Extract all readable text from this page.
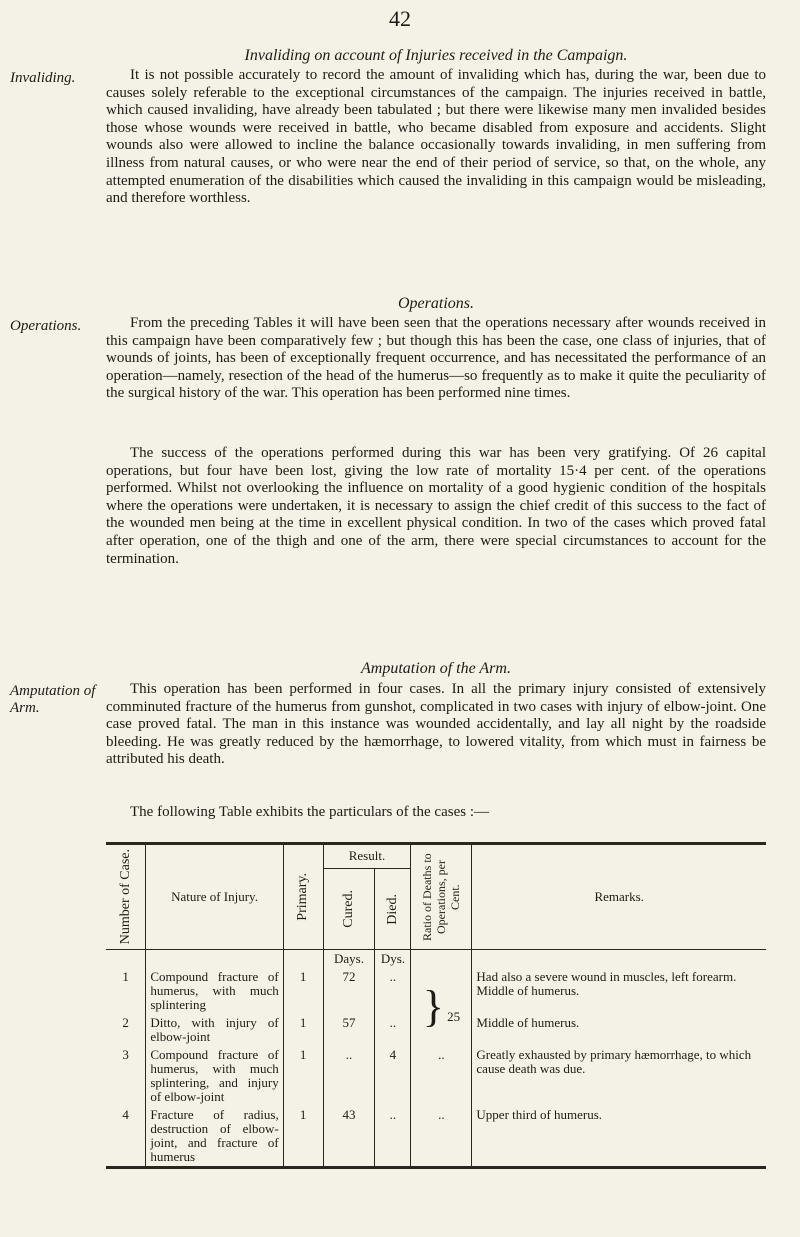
42
Invaliding on account of Injuries received in the Campaign.
Invaliding.	It is not possible accurately to record the amount of invaliding which has, during the war, been due to causes solely referable to the exceptional circumstances of the campaign. The injuries received in battle, which caused invaliding, have already been tabulated ; but there were likewise many men invalided besides those whose wounds were received in battle, who became disabled from exposure and accidents. Slight wounds also were allowed to incline the balance occasionally towards invaliding, in men suffering from illness from natural causes, or who were near the end of their period of service, so that, on the whole, any attempted enumeration of the disabilities which caused the invaliding in this campaign would be misleading, and therefore worthless.

Operations.
Operations.	From the preceding Tables it will have been seen that the operations necessary after wounds received in this campaign have been comparatively few ; but though this has been the case, one class of injuries, that of wounds of joints, has been of exceptionally frequent occurrence, and has necessitated the performance of an operation—namely, resection of the head of the humerus—so frequently as to make it quite the peculiarity of the surgical history of the war. This operation has been performed nine times.

The success of the operations performed during this war has been very gratifying. Of 26 capital operations, but four have been lost, giving the low rate of mortality 15·4 per cent. of the operations performed. Whilst not overlooking the influence on mortality of a good hygienic condition of the hospitals where the operations were undertaken, it is necessary to assign the chief credit of this success to the fact of the wounded men being at the time in excellent physical condition. In two of the cases which proved fatal after operation, one of the thigh and one of the arm, there were special circumstances to account for the termination.

Amputation of the Arm.
Amputation of
Arm.

This operation has been performed in four cases. In all the primary injury consisted of extensively comminuted fracture of the humerus from gunshot, complicated in two cases with injury of elbow-joint. One case proved fatal. The man in this instance was wounded accidentally, and lay all night by the roadside bleeding. He was greatly reduced by the hæmorrhage, to lowered vitality, from which must in fairness be attributed his death.

The following Table exhibits the particulars of the cases :—

Number of Case.	Nature of Injury.	Primary.	Result.		Ratio of Deaths to Operations, per Cent.	Remarks.

			Cured.	Died.		

			Days.	Dys.		
1	Compound fracture of humerus, with much splintering	1	72	..	} 25	Had also a severe wound in muscles, left forearm. Middle of humerus.
2	Ditto, with injury of elbow-joint	1	57	..		Middle of humerus.
3	Compound fracture of humerus, with much splintering, and injury of elbow-joint	1	..	4	..	Greatly exhausted by primary hæmorrhage, to which cause death was due.
4	Fracture of radius, destruction of elbow-joint, and fracture of humerus	1	43	..	..	Upper third of humerus.
